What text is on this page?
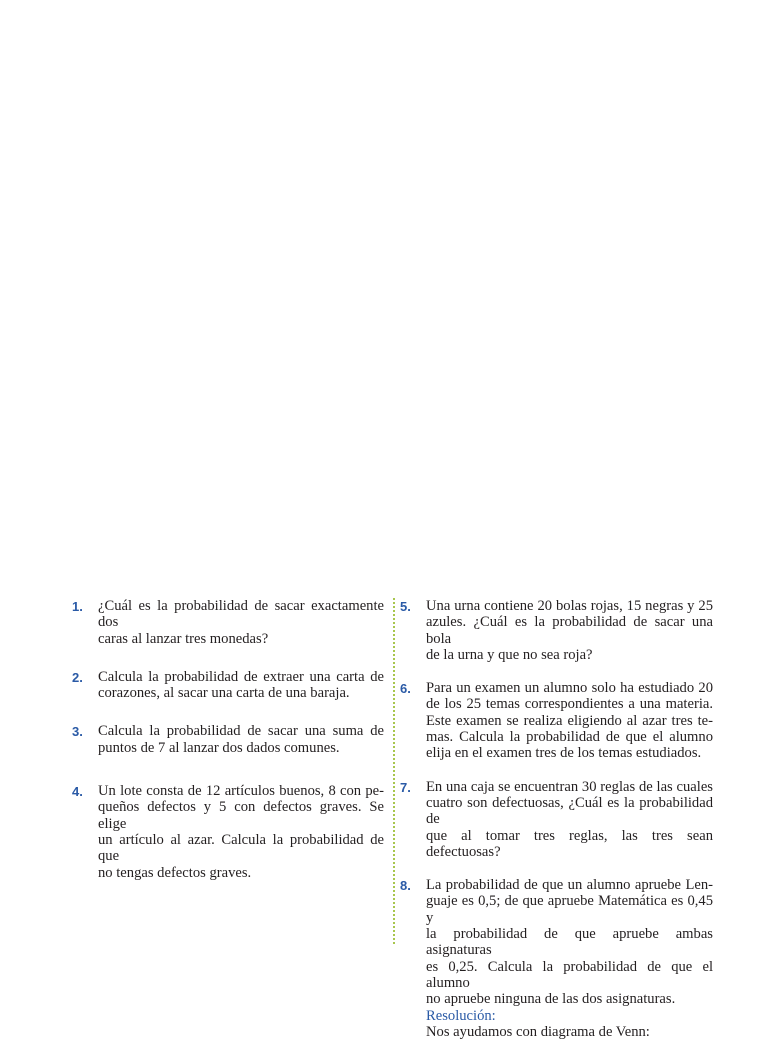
1. ¿Cuál es la probabilidad de sacar exactamente dos
caras al lanzar tres monedas?
2. Calcula la probabilidad de extraer una carta de
corazones, al sacar una carta de una baraja.
3. Calcula la probabilidad de sacar una suma de
puntos de 7 al lanzar dos dados comunes.
4. Un lote consta de 12 artículos buenos, 8 con pe-
queños defectos y 5 con defectos graves. Se elige
un artículo al azar. Calcula la probabilidad de que
no tengas defectos graves.
5. Una urna contiene 20 bolas rojas, 15 negras y 25
azules. ¿Cuál es la probabilidad de sacar una bola
de la urna y que no sea roja?
6. Para un examen un alumno solo ha estudiado 20
de los 25 temas correspondientes a una materia.
Este examen se realiza eligiendo al azar tres te-
mas. Calcula la probabilidad de que el alumno
elija en el examen tres de los temas estudiados.
7. En una caja se encuentran 30 reglas de las cuales
cuatro son defectuosas, ¿Cuál es la probabilidad de
que al tomar tres reglas, las tres sean defectuosas?
8. La probabilidad de que un alumno apruebe Len-
guaje es 0,5; de que apruebe Matemática es 0,45 y
la probabilidad de que apruebe ambas asignaturas
es 0,25. Calcula la probabilidad de que el alumno
no apruebe ninguna de las dos asignaturas.
Resolución:
Nos ayudamos con diagrama de Venn:
